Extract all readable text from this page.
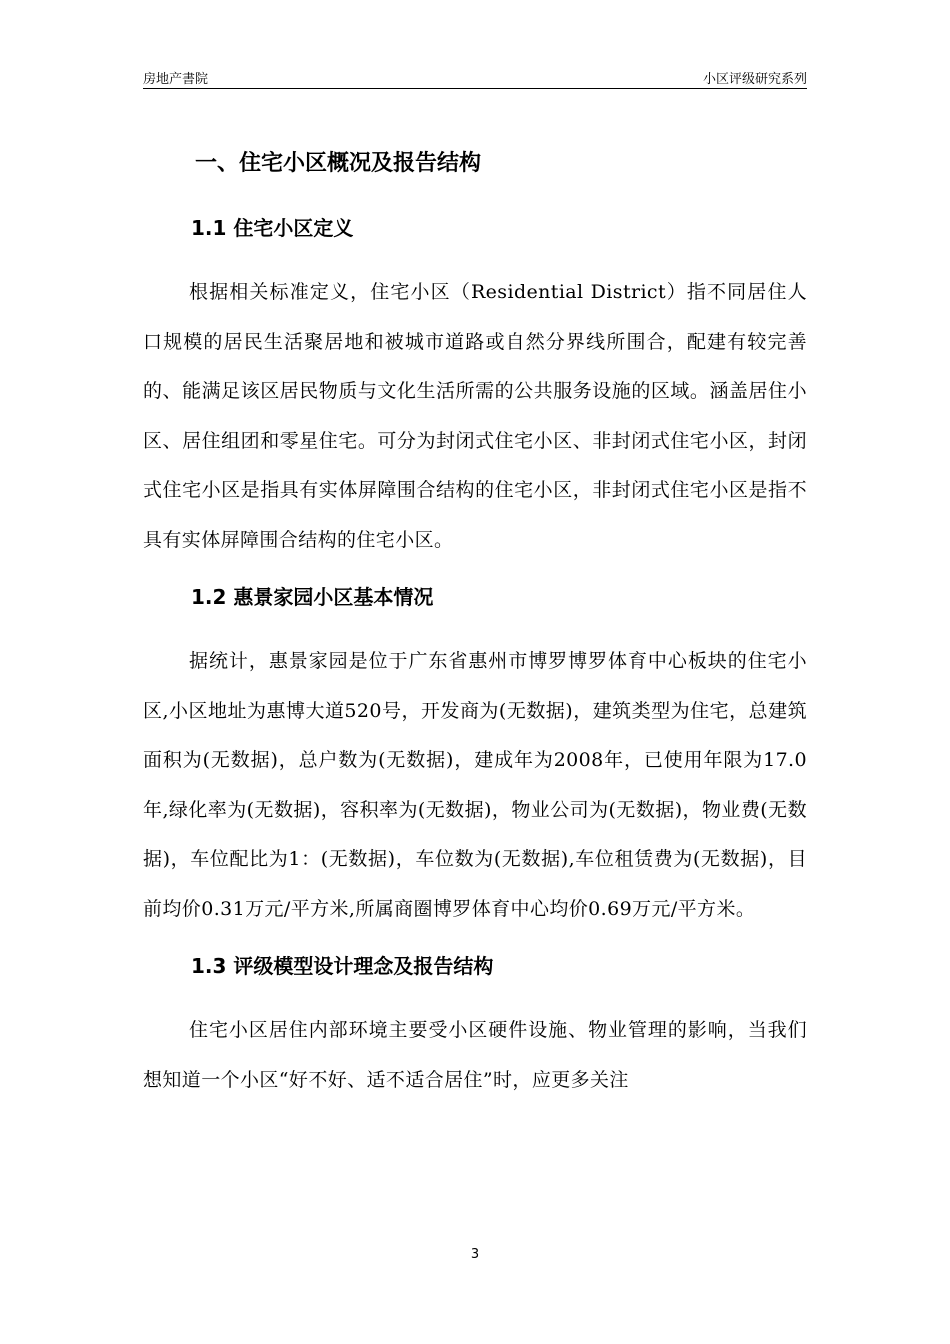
房地产書院	小区评级研究系列
一、住宅小区概况及报告结构
1.1 住宅小区定义

根据相关标准定义，住宅小区（Residential District）指不同居住人口规模的居民生活聚居地和被城市道路或自然分界线所围合，配建有较完善的、能满足该区居民物质与文化生活所需的公共服务设施的区域。涵盖居住小区、居住组团和零星住宅。可分为封闭式住宅小区、非封闭式住宅小区，封闭式住宅小区是指具有实体屏障围合结构的住宅小区，非封闭式住宅小区是指不具有实体屏障围合结构的住宅小区。

1.2 惠景家园小区基本情况

据统计，惠景家园是位于广东省惠州市博罗博罗体育中心板块的住宅小区,小区地址为惠博大道520号，开发商为(无数据)，建筑类型为住宅，总建筑面积为(无数据)，总户数为(无数据)，建成年为2008年，已使用年限为17.0年,绿化率为(无数据)，容积率为(无数据)，物业公司为(无数据)，物业费(无数据)，车位配比为1：(无数据)，车位数为(无数据),车位租赁费为(无数据)，目前均价0.31万元/平方米,所属商圈博罗体育中心均价0.69万元/平方米。

1.3 评级模型设计理念及报告结构

住宅小区居住内部环境主要受小区硬件设施、物业管理的影响，当我们想知道一个小区“好不好、适不适合居住”时，应更多关注

3
